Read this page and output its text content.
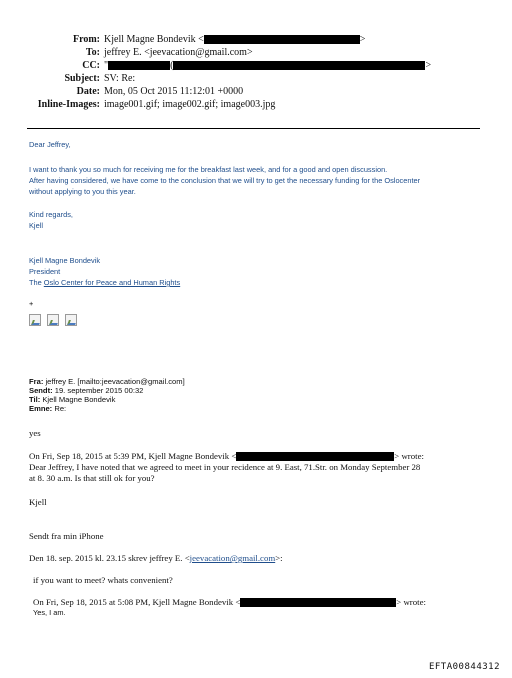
From: Kjell Magne Bondevik <	>
To: jeffrey E. <jeevacation@gmail.com>
CC: "	(	>
Subject: SV: Re:
Date: Mon, 05 Oct 2015 11:12:01 +0000
Inline-Images: image001.gif; image002.gif; image003.jpg
Dear Jeffrey,
I want to thank you so much for receiving me for the breakfast last week, and for a good and open discussion.
After having considered, we have come to the conclusion that we will try to get the necessary funding for the Oslocenter
without applying to you this year.
Kind regards,
Kjell
Kjell Magne Bondevik
President
The Oslo Center for Peace and Human Rights
+
Fra: jeffrey E. [mailto:jeevacation@gmail.com]
Sendt: 19. september 2015 00:32
Til: Kjell Magne Bondevik
Emne: Re:
yes
On Fri, Sep 18, 2015 at 5:39 PM, Kjell Magne Bondevik <	> wrote:
Dear Jeffrey, I have noted that we agreed to meet in your recidence at 9. East, 71.Str. on Monday September 28
at 8. 30 a.m. Is that still ok for you?
Kjell
Sendt fra min iPhone
Den 18. sep. 2015 kl. 23.15 skrev jeffrey E. <jeevacation@gmail.com>:
if you want to meet? whats convenient?
On Fri, Sep 18, 2015 at 5:08 PM, Kjell Magne Bondevik <	> wrote:
Yes, I am.
EFTA00844312
